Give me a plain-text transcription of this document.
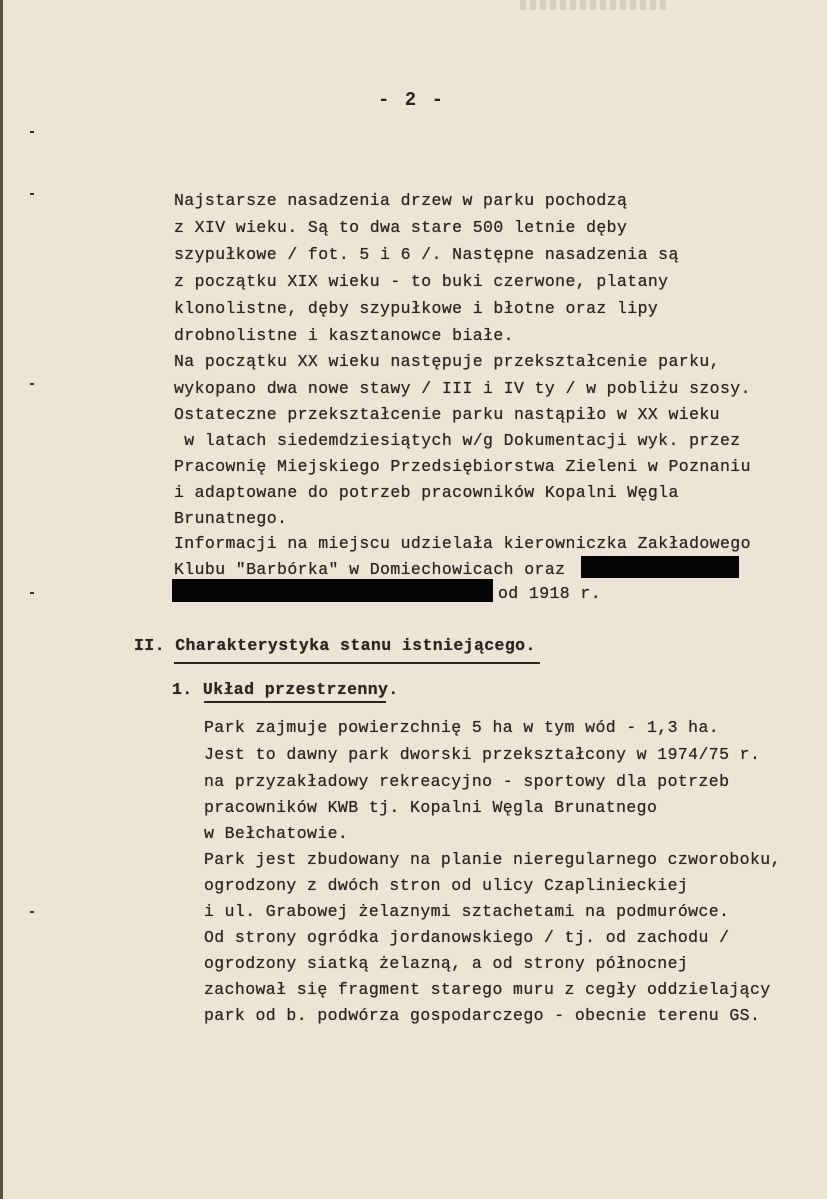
- 2 -
Najstarsze nasadzenia drzew w parku pochodzą
z XIV wieku. Są to dwa stare 500 letnie dęby
szypułkowe / fot. 5 i 6 /. Następne nasadzenia są
z początku XIX wieku - to buki czerwone, platany
klonolistne, dęby szypułkowe i błotne oraz lipy
drobnolistne i kasztanowce białe.
Na początku XX wieku następuje przekształcenie parku,
wykopano dwa nowe stawy / III i IV ty / w pobliżu szosy.
Ostateczne przekształcenie parku nastąpiło w XX wieku
w latach siedemdziesiątych w/g Dokumentacji wyk. przez
Pracownię Miejskiego Przedsiębiorstwa Zieleni w Poznaniu
i adaptowane do potrzeb pracowników Kopalni Węgla
Brunatnego.
Informacji na miejscu udzielała kierowniczka Zakładowego
Klubu "Barbórka" w Domiechowicach oraz
od 1918 r.
II. Charakterystyka stanu istniejącego.
1. Układ przestrzenny.
Park zajmuje powierzchnię 5 ha w tym wód - 1,3 ha.
Jest to dawny park dworski przekształcony w 1974/75 r.
na przyzakładowy rekreacyjno - sportowy dla potrzeb
pracowników KWB tj. Kopalni Węgla Brunatnego
w Bełchatowie.
Park jest zbudowany na planie nieregularnego czworoboku,
ogrodzony z dwóch stron od ulicy Czaplinieckiej
i ul. Grabowej żelaznymi sztachetami na podmurówce.
Od strony ogródka jordanowskiego / tj. od zachodu /
ogrodzony siatką żelazną, a od strony północnej
zachował się fragment starego muru z cegły oddzielający
park od b. podwórza gospodarczego - obecnie terenu GS.
